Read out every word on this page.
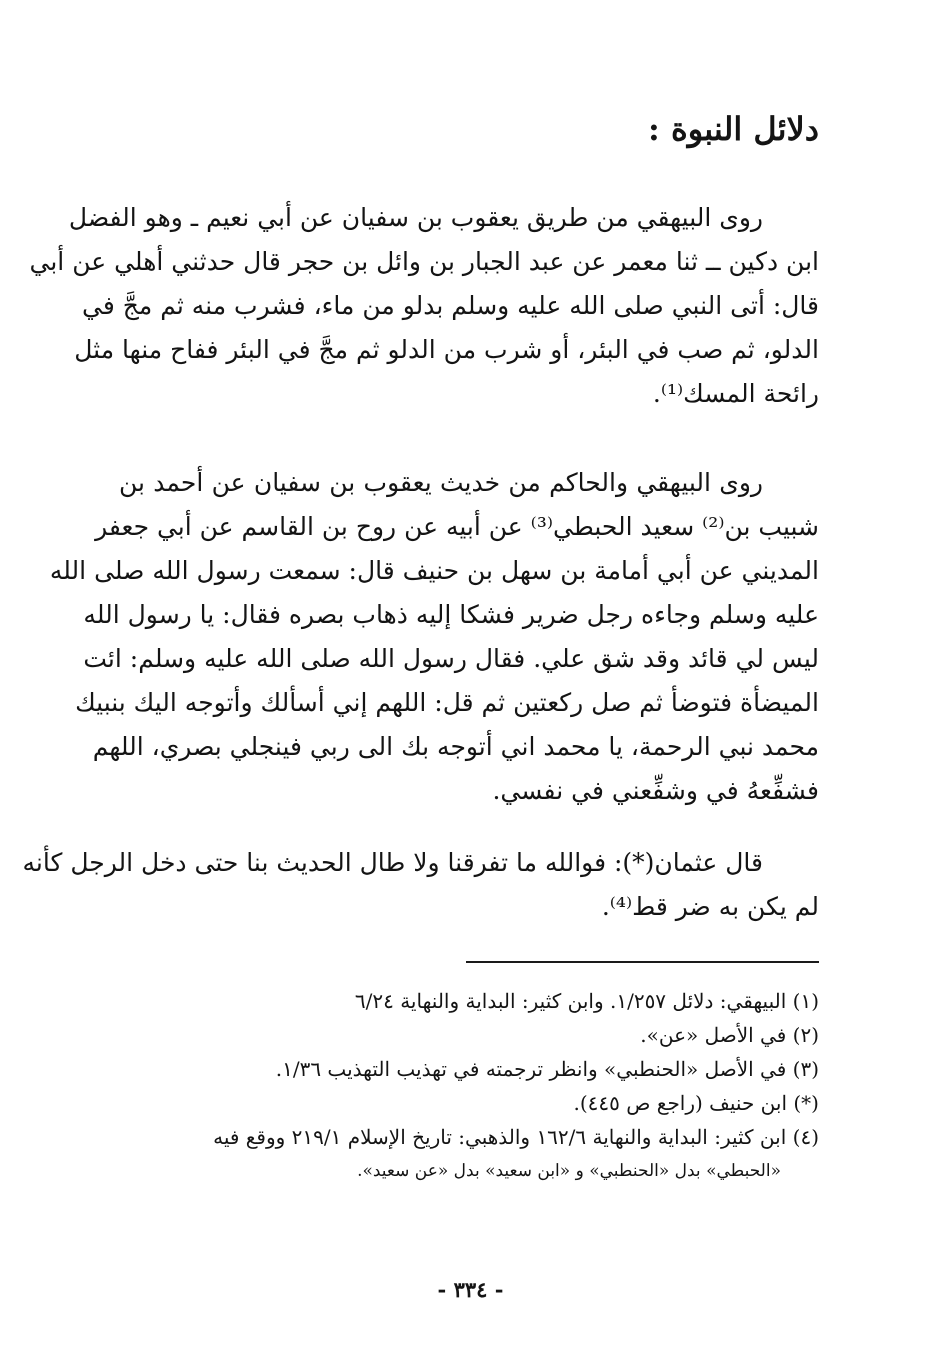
دلائل النبوة :

روى البيهقي من طريق يعقوب بن سفيان عن أبي نعيم ـ وهو الفضل
ابن دكين ــ ثنا معمر عن عبد الجبار بن وائل بن حجر قال حدثني أهلي عن أبي
قال: أتى النبي صلى الله عليه وسلم بدلو من ماء، فشرب منه ثم مجَّ في
الدلو، ثم صب في البئر، أو شرب من الدلو ثم مجَّ في البئر ففاح منها مثل
رائحة المسك⁽¹⁾.

روى البيهقي والحاكم من خديث يعقوب بن سفيان عن أحمد بن
شبيب بن⁽²⁾ سعيد الحبطي⁽³⁾ عن أبيه عن روح بن القاسم عن أبي جعفر
المديني عن أبي أمامة بن سهل بن حنيف قال: سمعت رسول الله صلى الله
عليه وسلم وجاءه رجل ضرير فشكا إليه ذهاب بصره فقال: يا رسول الله
ليس لي قائد وقد شق علي. فقال رسول الله صلى الله عليه وسلم: ائت
الميضأة فتوضأ ثم صل ركعتين ثم قل: اللهم إني أسألك وأتوجه اليك بنبيك
محمد نبي الرحمة، يا محمد اني أتوجه بك الى ربي فينجلي بصري، اللهم
فشفِّعهُ في وشفِّعني في نفسي.

قال عثمان(*): فوالله ما تفرقنا ولا طال الحديث بنا حتى دخل الرجل كأنه
لم يكن به ضر قط⁽⁴⁾.

(١) البيهقي: دلائل ١/٢٥٧. وابن كثير: البداية والنهاية ٦/٢٤
(٢) في الأصل «عن».
(٣) في الأصل «الحنطبي» وانظر ترجمته في تهذيب التهذيب ١/٣٦.
(*) ابن حنيف (راجع ص ٤٤٥).
(٤) ابن كثير: البداية والنهاية ١٦٢/٦ والذهبي: تاريخ الإسلام ٢١٩/١ ووقع فيه
«الحبطي» بدل «الحنطبي» و «ابن سعيد» بدل «عن سعيد».
- ٣٣٤ -
